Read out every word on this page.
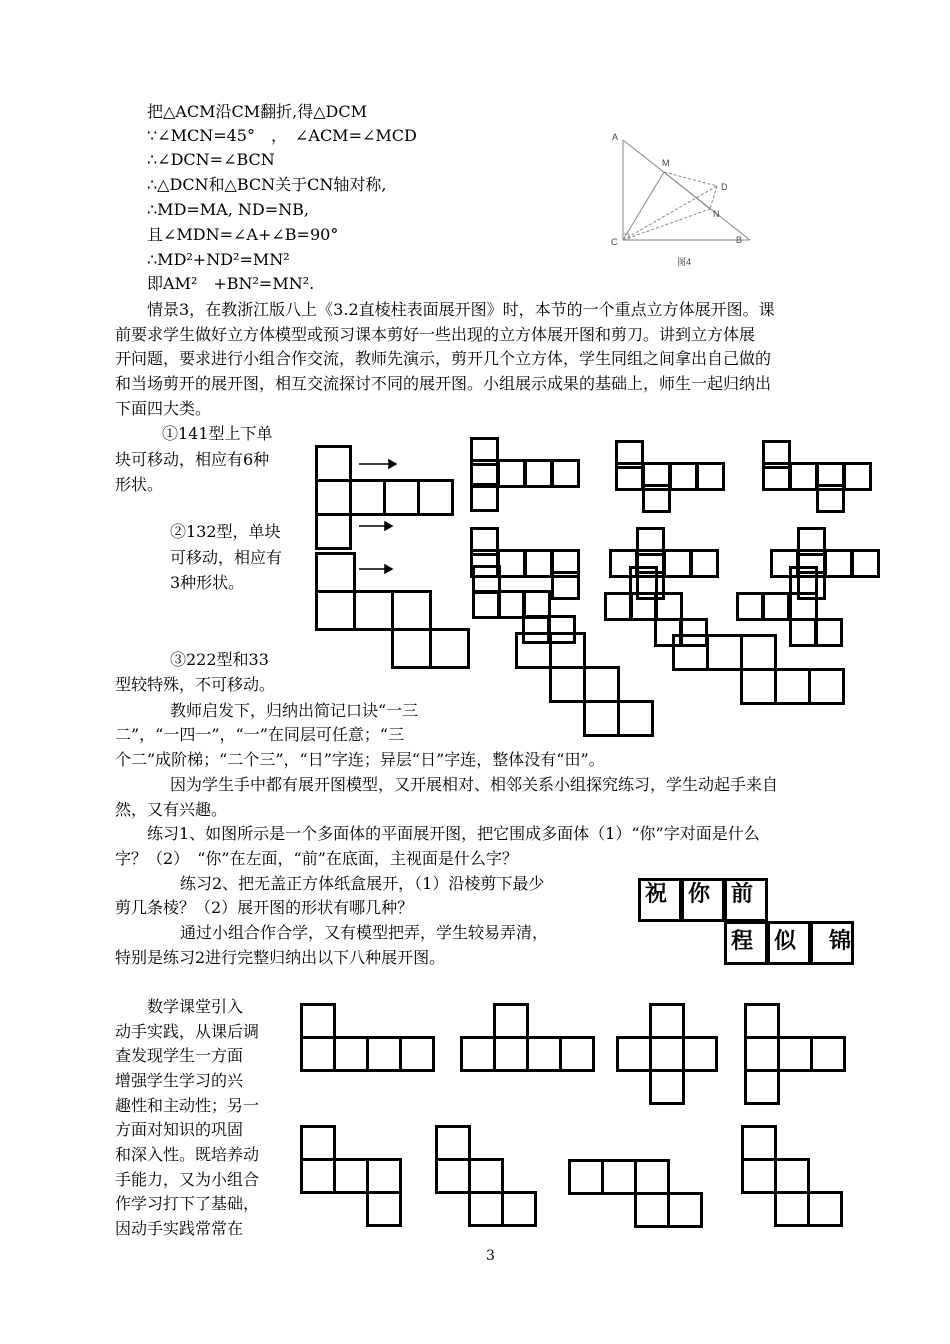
把△ACM沿CM翻折,得△DCM
∵∠MCN=45°　，　∠ACM=∠MCD
∴∠DCN=∠BCN
∴△DCN和△BCN关于CN轴对称,
∴MD=MA, ND=NB,
且∠MDN=∠A+∠B=90°
∴MD²+ND²=MN²
即AM²　+BN²=MN².
A
M
D
N
C	B
图4
情景3，在教浙江版八上《3.2直棱柱表面展开图》时，本节的一个重点立方体展开图。课
前要求学生做好立方体模型或预习课本剪好一些出现的立方体展开图和剪刀。讲到立方体展
开问题，要求进行小组合作交流，教师先演示，剪开几个立方体，学生同组之间拿出自己做的
和当场剪开的展开图，相互交流探讨不同的展开图。小组展示成果的基础上，师生一起归纳出
下面四大类。
①141型上下单
块可移动，相应有6种
形状。
②132型，单块
可移动，相应有
3种形状。
③222型和33
型较特殊，不可移动。
教师启发下，归纳出简记口诀“一三
二”，“一四一”，“一”在同层可任意；“三
个二”成阶梯；“二个三”，“日”字连；异层“日”字连，整体没有“田”。
因为学生手中都有展开图模型，又开展相对、相邻关系小组探究练习，学生动起手来自
然，又有兴趣。
练习1、如图所示是一个多面体的平面展开图，把它围成多面体（1）“你”字对面是什么
字？（2）　“你”在左面，“前”在底面，主视面是什么字？
练习2、把无盖正方体纸盒展开，（1）沿棱剪下最少
剪几条棱？（2）展开图的形状有哪几种？
通过小组合作合学，又有模型把弄，学生较易弄清，
特别是练习2进行完整归纳出以下八种展开图。
祝 你 前
程 似	锦
数学课堂引入
动手实践，从课后调
查发现学生一方面
增强学生学习的兴
趣性和主动性；另一
方面对知识的巩固
和深入性。既培养动
手能力，又为小组合
作学习打下了基础，
因动手实践常常在
3
